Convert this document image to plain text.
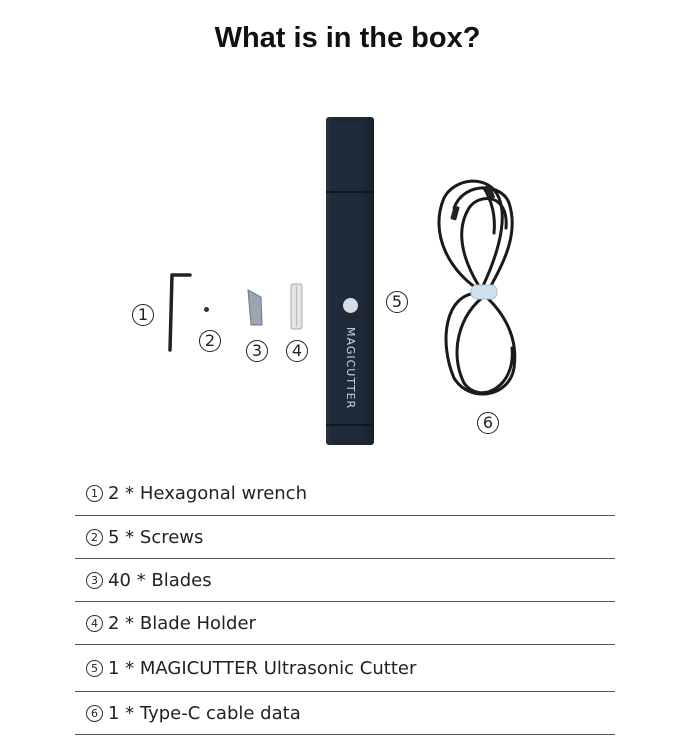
What is in the box?
MAGICUTTER
1
2
3	4
5
6
1 2 * Hexagonal wrench
2 5 * Screws
3 40 * Blades
4 2 * Blade Holder
5 1 * MAGICUTTER Ultrasonic Cutter
6 1 * Type-C cable data
